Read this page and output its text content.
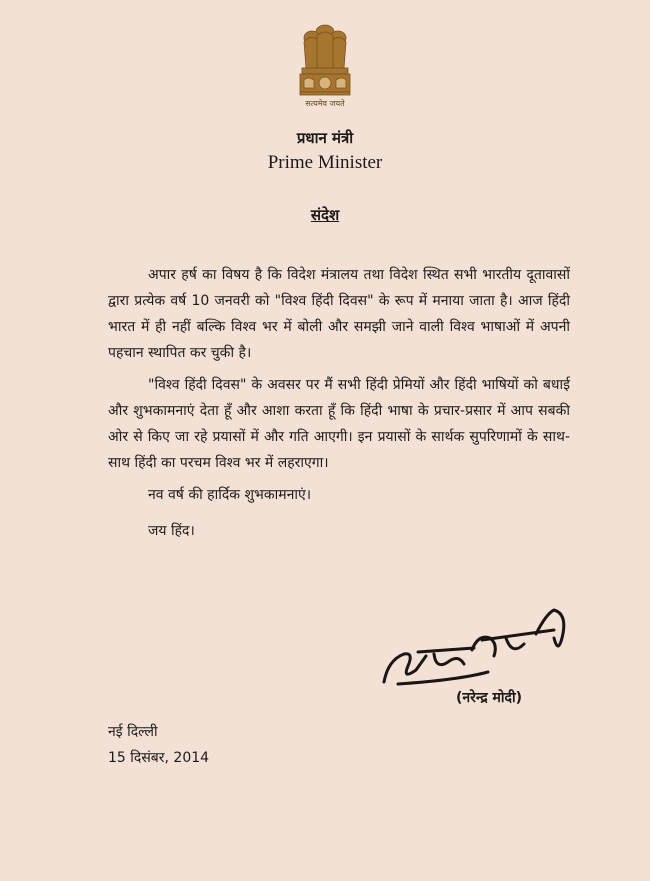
सत्यमेव जयते
प्रधान मंत्री
Prime Minister
संदेश

अपार हर्ष का विषय है कि विदेश मंत्रालय तथा विदेश स्थित सभी भारतीय दूतावासों द्वारा प्रत्येक वर्ष 10 जनवरी को "विश्व हिंदी दिवस" के रूप में मनाया जाता है। आज हिंदी भारत में ही नहीं बल्कि विश्व भर में बोली और समझी जाने वाली विश्व भाषाओं में अपनी पहचान स्थापित कर चुकी है।

"विश्व हिंदी दिवस" के अवसर पर मैं सभी हिंदी प्रेमियों और हिंदी भाषियों को बधाई और शुभकामनाएं देता हूँ और आशा करता हूँ कि हिंदी भाषा के प्रचार-प्रसार में आप सबकी ओर से किए जा रहे प्रयासों में और गति आएगी। इन प्रयासों के सार्थक सुपरिणामों के साथ-साथ हिंदी का परचम विश्व भर में लहराएगा।

नव वर्ष की हार्दिक शुभकामनाएं।

जय हिंद।

(नरेन्द्र मोदी)
नई दिल्ली
15 दिसंबर, 2014
